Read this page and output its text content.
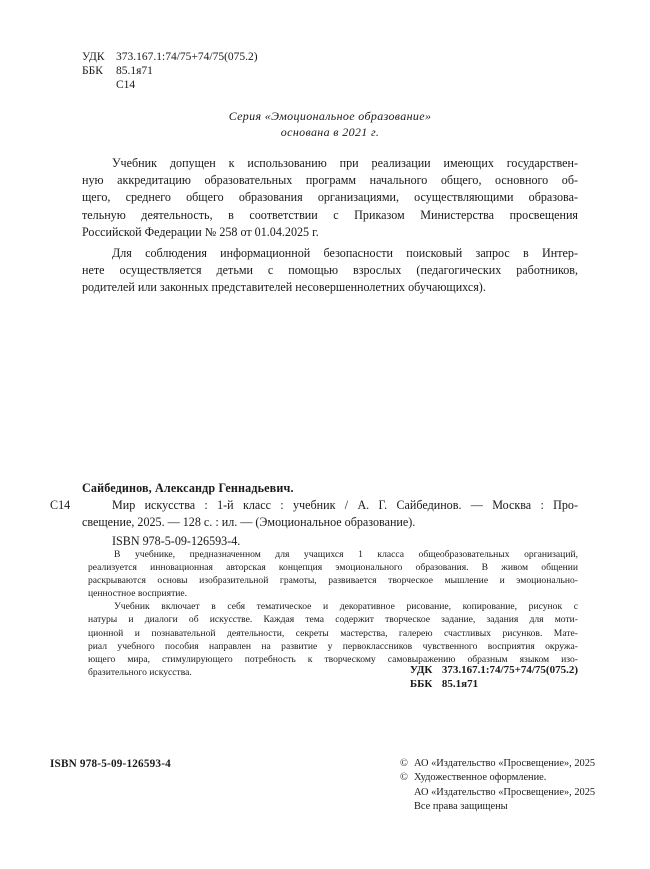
УДК 373.167.1:74/75+74/75(075.2)
ББК 85.1я71
С14
Серия «Эмоциональное образование»
основана в 2021 г.
Учебник допущен к использованию при реализации имеющих государствен-
ную аккредитацию образовательных программ начального общего, основного об-
щего, среднего общего образования организациями, осуществляющими образова-
тельную деятельность, в соответствии с Приказом Министерства просвещения
Российской Федерации № 258 от 01.04.2025 г.
Для соблюдения информационной безопасности поисковый запрос в Интер-
нете осуществляется детьми с помощью взрослых (педагогических работников,
родителей или законных представителей несовершеннолетних обучающихся).
С14
Сайбединов, Александр Геннадьевич.
Мир искусства : 1-й класс : учебник / А. Г. Сайбединов. — Москва : Про-
свещение, 2025. — 128 с. : ил. — (Эмоциональное образование).
ISBN 978-5-09-126593-4.
В учебнике, предназначенном для учащихся 1 класса общеобразовательных организаций,
реализуется инновационная авторская концепция эмоционального образования. В живом общении
раскрываются основы изобразительной грамоты, развивается творческое мышление и эмоционально-
ценностное восприятие.
Учебник включает в себя тематическое и декоративное рисование, копирование, рисунок с
натуры и диалоги об искусстве. Каждая тема содержит творческое задание, задания для моти-
ционной и познавательной деятельности, секреты мастерства, галерею счастливых рисунков. Мате-
риал учебного пособия направлен на развитие у первоклассников чувственного восприятия окружа-
ющего мира, стимулирующего потребность к творческому самовыражению образным языком изо-
бразительного искусства.	УДК 373.167.1:74/75+74/75(075.2)
ББК 85.1я71
ISBN 978-5-09-126593-4	© АО «Издательство «Просвещение», 2025
© Художественное оформление.
АО «Издательство «Просвещение», 2025
Все права защищены
